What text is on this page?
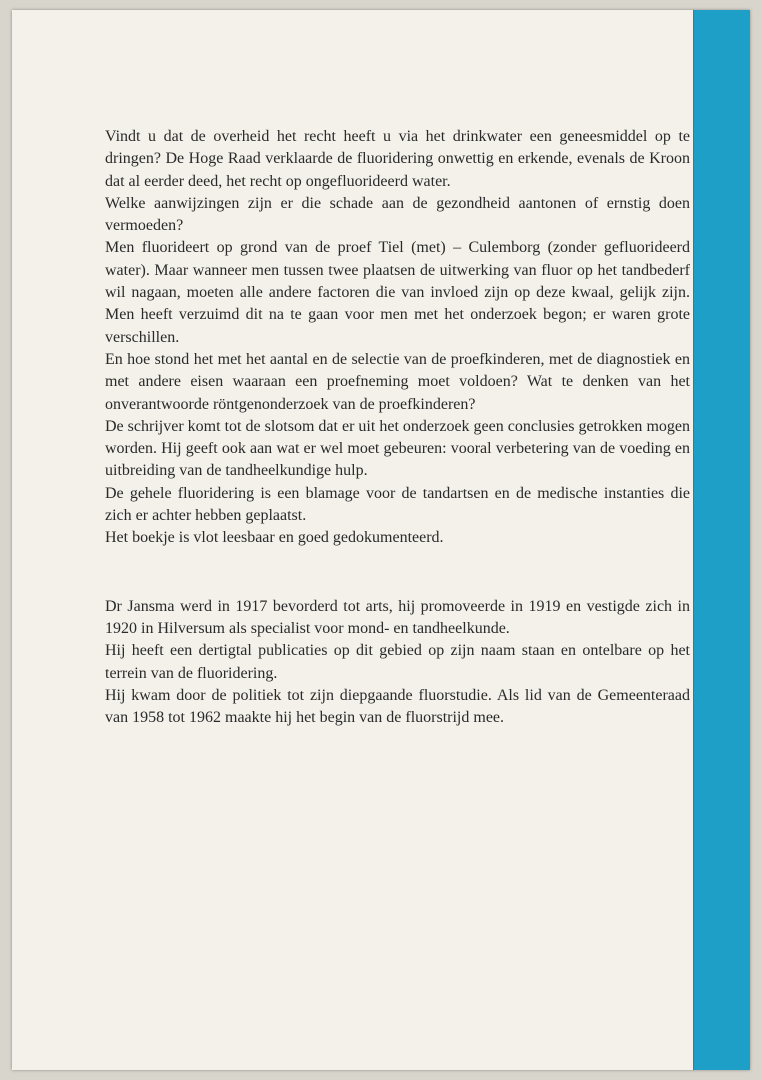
Vindt u dat de overheid het recht heeft u via het drinkwater een geneesmiddel op te dringen? De Hoge Raad verklaarde de fluoridering onwettig en erkende, evenals de Kroon dat al eerder deed, het recht op ongefluorideerd water.

Welke aanwijzingen zijn er die schade aan de gezondheid aantonen of ernstig doen vermoeden?

Men fluorideert op grond van de proef Tiel (met) – Culemborg (zonder gefluorideerd water). Maar wanneer men tussen twee plaatsen de uitwerking van fluor op het tandbederf wil nagaan, moeten alle andere factoren die van invloed zijn op deze kwaal, gelijk zijn. Men heeft verzuimd dit na te gaan voor men met het onderzoek begon; er waren grote verschillen.

En hoe stond het met het aantal en de selectie van de proefkinderen, met de diagnostiek en met andere eisen waaraan een proefneming moet voldoen? Wat te denken van het onverantwoorde röntgenonderzoek van de proefkinderen?

De schrijver komt tot de slotsom dat er uit het onderzoek geen conclusies getrokken mogen worden. Hij geeft ook aan wat er wel moet gebeuren: vooral verbetering van de voeding en uitbreiding van de tandheelkundige hulp.

De gehele fluoridering is een blamage voor de tandartsen en de medische instanties die zich er achter hebben geplaatst.

Het boekje is vlot leesbaar en goed gedokumenteerd.

Dr Jansma werd in 1917 bevorderd tot arts, hij promoveerde in 1919 en vestigde zich in 1920 in Hilversum als specialist voor mond- en tandheelkunde.

Hij heeft een dertigtal publicaties op dit gebied op zijn naam staan en ontelbare op het terrein van de fluoridering.

Hij kwam door de politiek tot zijn diepgaande fluorstudie. Als lid van de Gemeenteraad van 1958 tot 1962 maakte hij het begin van de fluorstrijd mee.
